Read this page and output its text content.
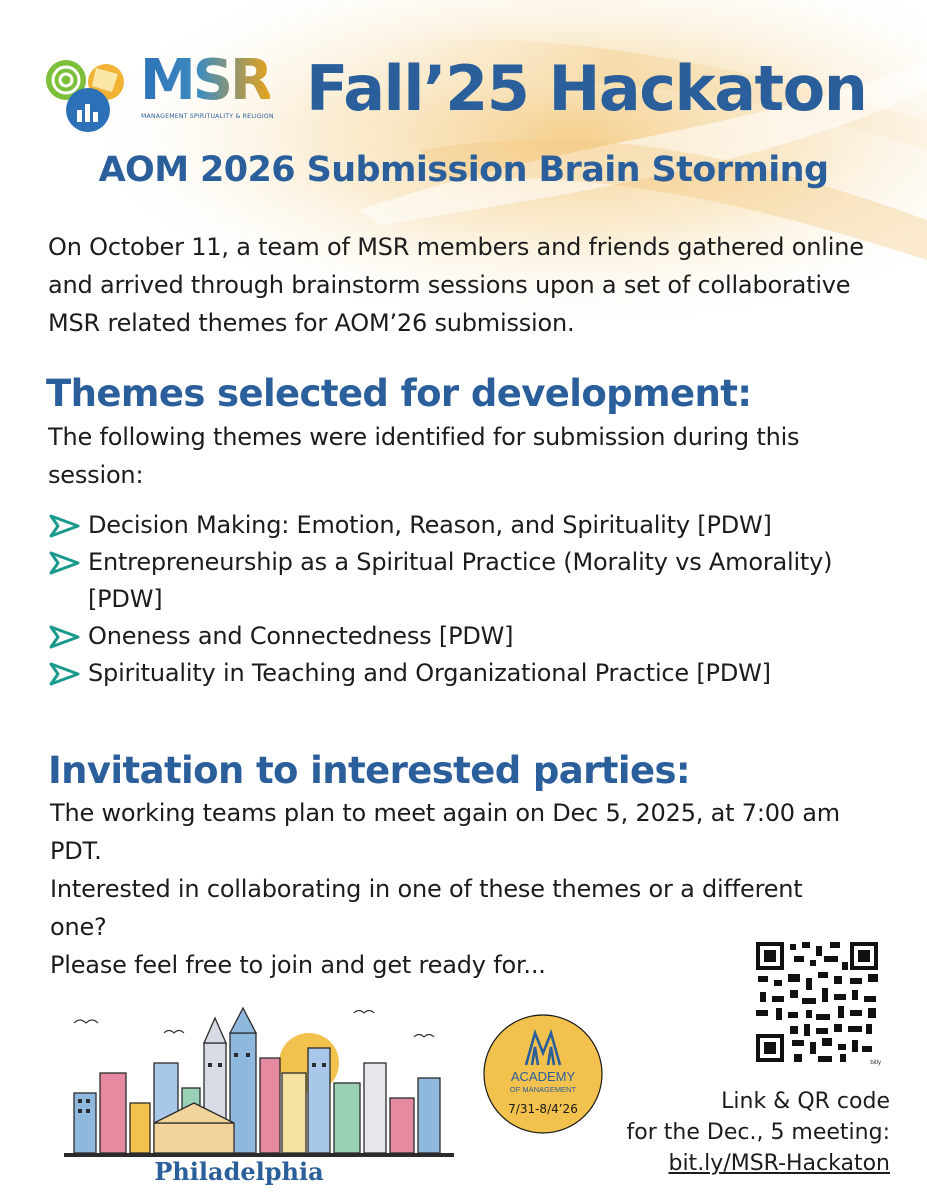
MSR
MANAGEMENT SPIRITUALITY & RELIGION Fall’25 Hackaton
AOM 2026 Submission Brain Storming
On October 11, a team of MSR members and friends gathered online and arrived through brainstorm sessions upon a set of collaborative MSR related themes for AOM’26 submission.
Themes selected for development:
The following themes were identified for submission during this session:
Decision Making: Emotion, Reason, and Spirituality [PDW]
Entrepreneurship as a Spiritual Practice (Morality vs Amorality) [PDW]
Oneness and Connectedness [PDW]
Spirituality in Teaching and Organizational Practice [PDW]
Invitation to interested parties:
The working teams plan to meet again on Dec 5, 2025, at 7:00 am PDT.
Interested in collaborating in one of these themes or a different one?
Please feel free to join and get ready for...
Philadelphia
ACADEMY
OF MANAGEMENT
7/31-8/4’26
bitly
Link & QR code
for the Dec., 5 meeting:
bit.ly/MSR-Hackaton
